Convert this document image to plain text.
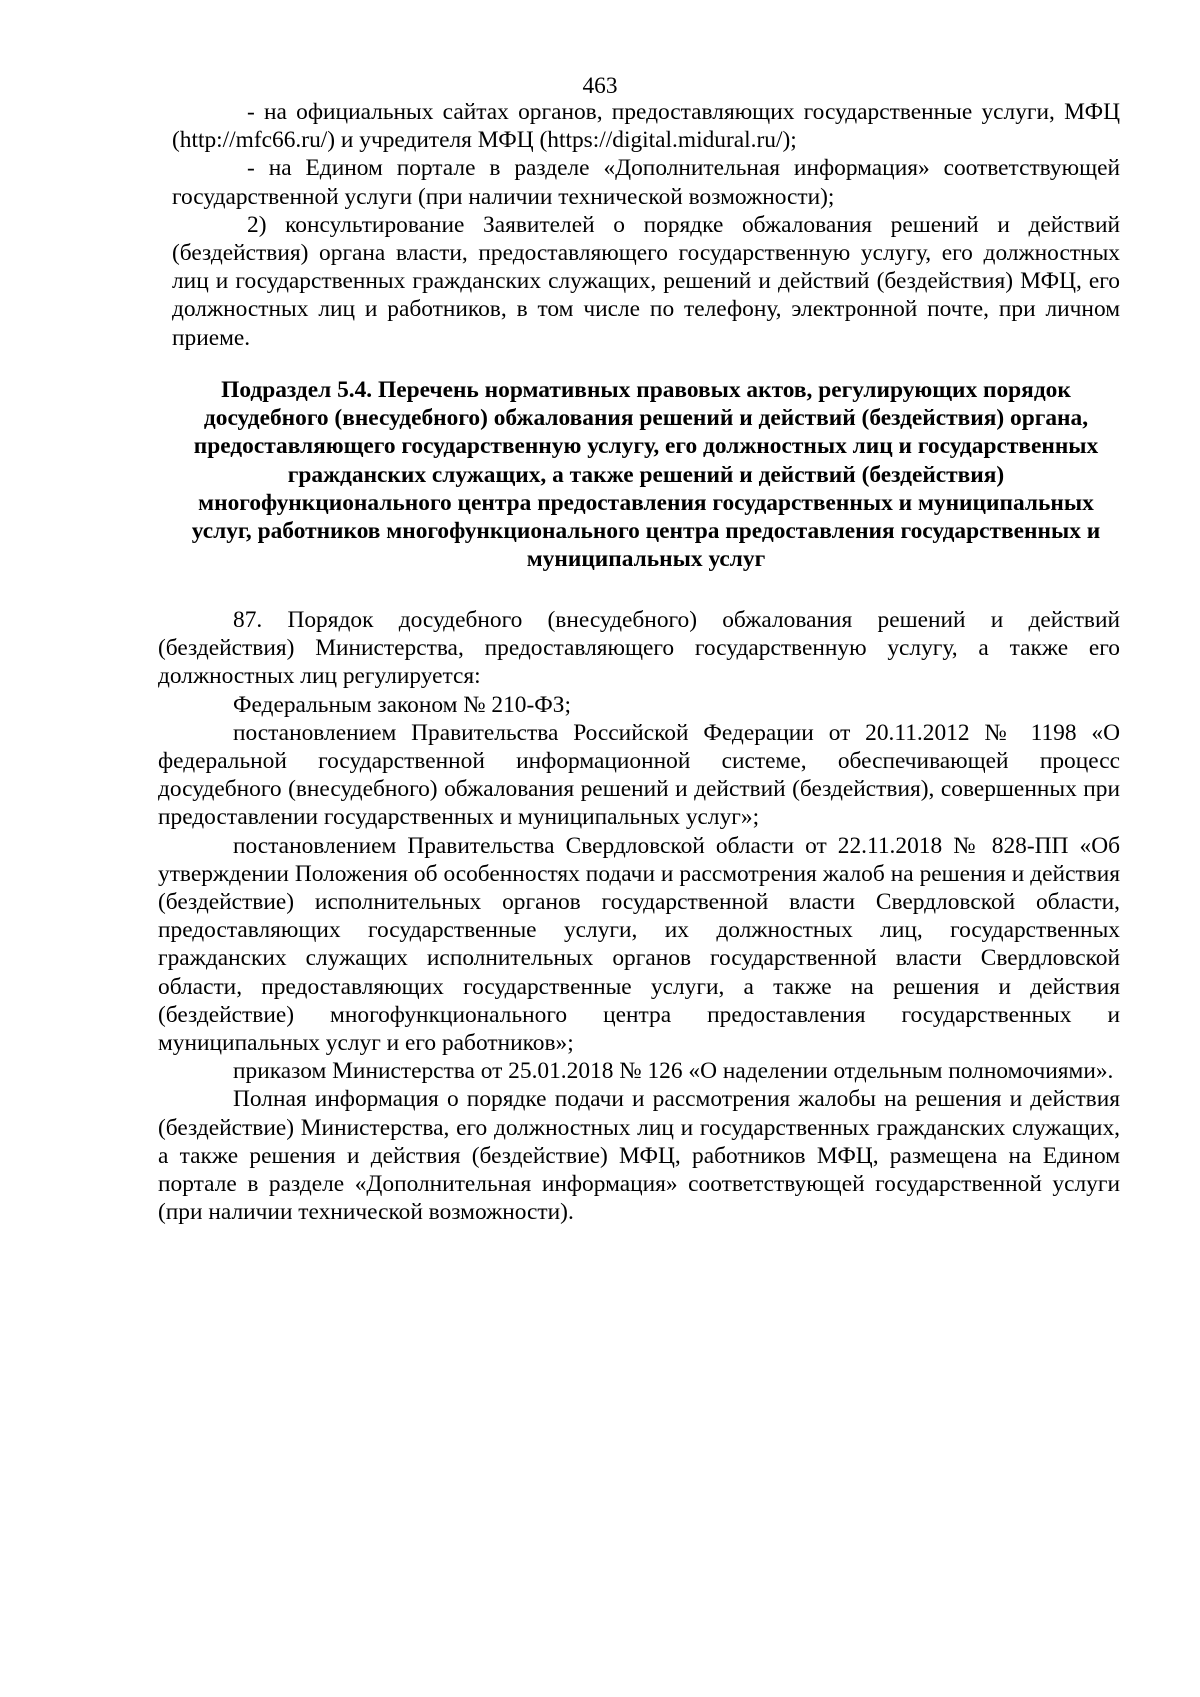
463

- на официальных сайтах органов, предоставляющих государственные услуги, МФЦ (http://mfc66.ru/) и учредителя МФЦ (https://digital.midural.ru/);

- на Едином портале в разделе «Дополнительная информация» соответствующей государственной услуги (при наличии технической возможности);

2) консультирование Заявителей о порядке обжалования решений и действий (бездействия) органа власти, предоставляющего государственную услугу, его должностных лиц и государственных гражданских служащих, решений и действий (бездействия) МФЦ, его должностных лиц и работников, в том числе по телефону, электронной почте, при личном приеме.

Подраздел 5.4. Перечень нормативных правовых актов, регулирующих порядок досудебного (внесудебного) обжалования решений и действий (бездействия) органа, предоставляющего государственную услугу, его должностных лиц и государственных гражданских служащих, а также решений и действий (бездействия) многофункционального центра предоставления государственных и муниципальных услуг, работников многофункционального центра предоставления государственных и муниципальных услуг

87. Порядок досудебного (внесудебного) обжалования решений и действий (бездействия) Министерства, предоставляющего государственную услугу, а также его должностных лиц регулируется:

Федеральным законом № 210-ФЗ;

постановлением Правительства Российской Федерации от 20.11.2012 № 1198 «О федеральной государственной информационной системе, обеспечивающей процесс досудебного (внесудебного) обжалования решений и действий (бездействия), совершенных при предоставлении государственных и муниципальных услуг»;

постановлением Правительства Свердловской области от 22.11.2018 № 828-ПП «Об утверждении Положения об особенностях подачи и рассмотрения жалоб на решения и действия (бездействие) исполнительных органов государственной власти Свердловской области, предоставляющих государственные услуги, их должностных лиц, государственных гражданских служащих исполнительных органов государственной власти Свердловской области, предоставляющих государственные услуги, а также на решения и действия (бездействие) многофункционального центра предоставления государственных и муниципальных услуг и его работников»;

приказом Министерства от 25.01.2018 № 126 «О наделении отдельным полномочиями».

Полная информация о порядке подачи и рассмотрения жалобы на решения и действия (бездействие) Министерства, его должностных лиц и государственных гражданских служащих, а также решения и действия (бездействие) МФЦ, работников МФЦ, размещена на Едином портале в разделе «Дополнительная информация» соответствующей государственной услуги (при наличии технической возможности).
